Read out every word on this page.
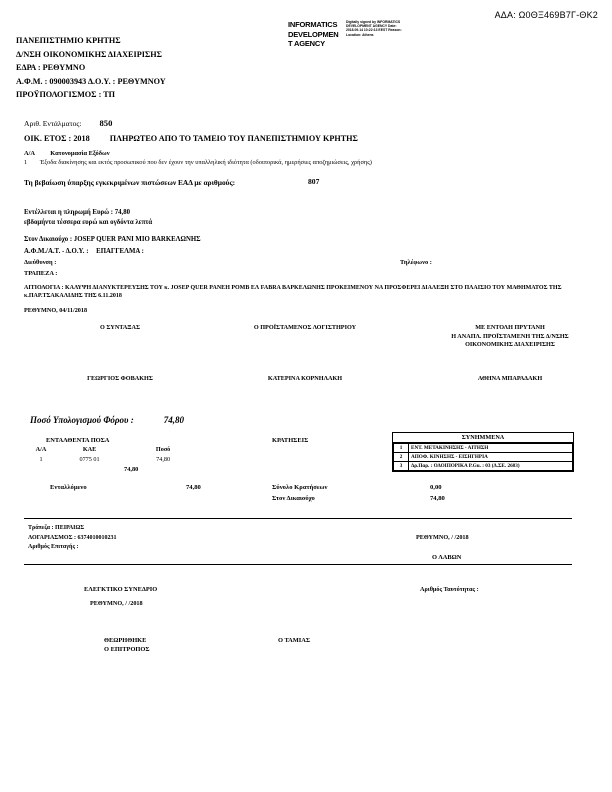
ΑΔΑ: Ω0ΘΞ469Β7Γ-ΘΚ2
INFORMATICS
DEVELOPMEN
T AGENCYDigitally signed by INFORMATICS DEVELOPMENT AGENCY Date: 2018.09.14 10:22:13 EEST Reason: Location: Athens
ΠΑΝΕΠΙΣΤΗΜΙΟ ΚΡΗΤΗΣ
Δ/ΝΣΗ ΟΙΚΟΝΟΜΙΚΗΣ ΔΙΑΧΕΙΡΙΣΗΣ
ΕΔΡΑ : ΡΕΘΥΜΝΟ
Α.Φ.Μ. : 090003943 Δ.Ο.Υ. : ΡΕΘΥΜΝΟΥ
ΠΡΟΫΠΟΛΟΓΙΣΜΟΣ : ΤΠ
Αριθ. Εντάλματος: 850
ΟΙΚ. ΕΤΟΣ : 2018 ΠΛΗΡΩΤΕΟ ΑΠΟ ΤΟ ΤΑΜΕΙΟ ΤΟΥ ΠΑΝΕΠΙΣΤΗΜΙΟΥ ΚΡΗΤΗΣ
Α/Α Κατονομασία Εξόδων
1 Έξοδα διακίνησης και εκτός προσωπικού που δεν έχουν την υπαλληλική ιδιότητα (οδοιπορικά, ημερήσιες αποζημιώσεις, χρήσης)
Τη βεβαίωση ύπαρξης εγκεκριμένων πιστώσεων ΕΑΔ με αριθμούς:	807
Εντέλλεται η πληρωμή Ευρώ : 74,80
εβδομήντα τέσσερα ευρώ και ογδόντα λεπτά
Στον Δικαιούχο : JOSEP QUER PANI MIO BARKEΛΩΝΗΣ
Α.Φ.Μ./Α.Τ. - Δ.Ο.Υ. : ΕΠΑΓΓΕΛΜΑ :
Διεύθυνση :	Τηλέφωνο :
ΤΡΑΠΕΖΑ :
ΑΙΤΙΟΛΟΓΙΑ : ΚΑΛΥΨΗ ΔΙΑΝΥΚΤΕΡΕΥΣΗΣ ΤΟΥ κ. JOSEP QUER PANEH POMB ΕΛ FABRA ΒΑΡΚΕΛΩΝΗΣ ΠΡΟΚΕΙΜΕΝΟΥ ΝΑ ΠΡΟΣΦΕΡΕΙ ΔΙΑΛΕΞΗ ΣΤΟ ΠΛΑΙΣΙΟ ΤΟΥ ΜΑΘΗΜΑΤΟΣ ΤΗΣ κ.ΠΑΡ.ΤΣΑΚΑΛΙΔΗΣ ΤΗΣ 6.11.2018
ΡΕΘΥΜΝΟ, 04/11/2018
Ο ΣΥΝΤΑΞΑΣ	Ο ΠΡΟΪΣΤΑΜΕΝΟΣ ΛΟΓΙΣΤΗΡΙΟΥ	ΜΕ ΕΝΤΟΛΗ ΠΡΥΤΑΝΗ
Η ΑΝΑΠΛ. ΠΡΟΪΣΤΑΜΕΝΗ ΤΗΣ Δ/ΝΣΗΣ
ΟΙΚΟΝΟΜΙΚΗΣ ΔΙΑΧΕΙΡΙΣΗΣ
ΓΕΩΡΓΙΟΣ ΦΟΒΑΚΗΣ	ΚΑΤΕΡΙΝΑ ΚΟΡΝΗΛΑΚΗ	ΑΘΗΝΑ ΜΠΑΡΑΔΑΚΗ
Ποσό Υπολογισμού Φόρου :	74,80
ΕΝΤΑΛΘΕΝΤΑ ΠΟΣΑ	ΚΡΑΤΗΣΕΙΣ
Α/Α	ΚΑΕ	Ποσό
1	0775 01	74,80
74,80
Ενταλλόμενο	74,80	Σύνολο Κρατήσεων	0,00
Στον Δικαιούχο	74,80
ΣΥΝΗΜΜΕΝΑ
1	ΕΝΤ. ΜΕΤΑΚΙΝΗΣΗΣ - ΑΙΤΗΣΗ
2	ΑΠΟΦ. ΚΙΝΗΣΗΣ - ΕΙΣΗΓΗΡΙΑ
3	Δρ.Παρ. : ΟΔΟΙΠΟΡΙΚΑ P.Gu. : 03 (Δ.ΣΕ. 2683)
Τράπεζα : ΠΕΙΡΑΙΩΣ
ΛΟΓΑΡΙΑΣΜΟΣ : 6374010010231
Αριθμός Επιταγής :
ΡΕΘΥΜΝΟ, / /2018
Ο ΛΑΒΩΝ
ΕΛΕΓΚΤΙΚΟ ΣΥΝΕΔΡΙΟ
ΡΕΘΥΜΝΟ, / /2018
Αριθμός Ταυτότητας :
ΘΕΩΡΗΘΗΚΕ
Ο ΕΠΙΤΡΟΠΟΣ
Ο ΤΑΜΙΑΣ
